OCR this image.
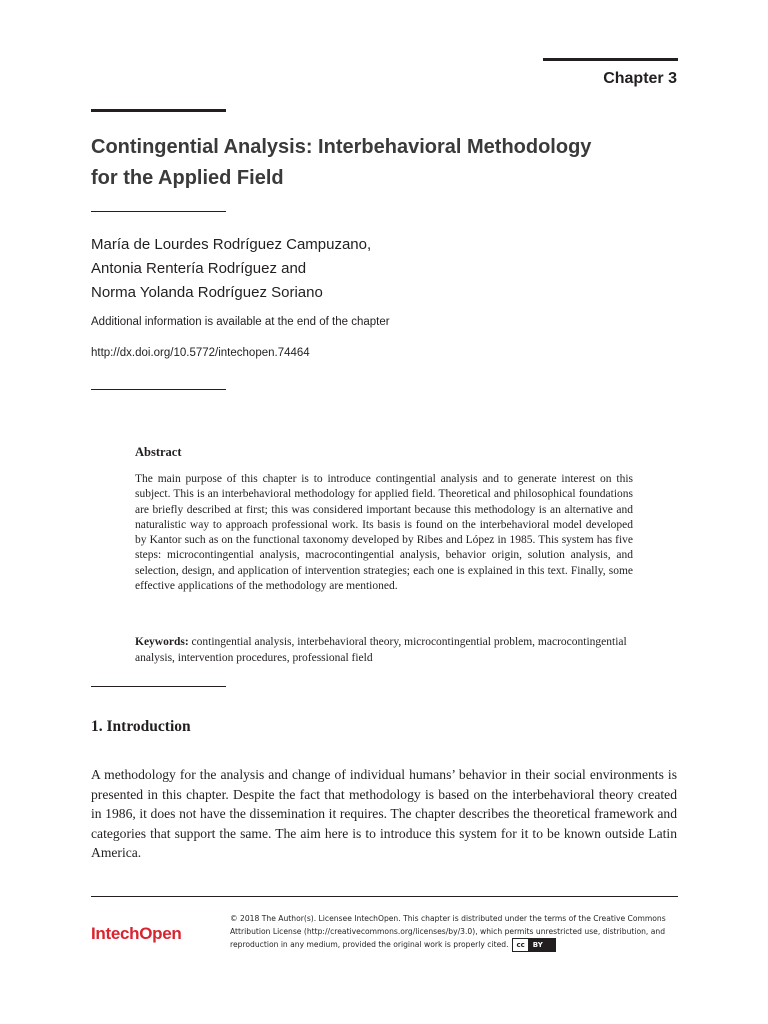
Chapter 3
Contingential Analysis: Interbehavioral Methodology
for the Applied Field
María de Lourdes Rodríguez Campuzano,
Antonia Rentería Rodríguez and
Norma Yolanda Rodríguez Soriano
Additional information is available at the end of the chapter
http://dx.doi.org/10.5772/intechopen.74464
Abstract
The main purpose of this chapter is to introduce contingential analysis and to generate interest on this subject. This is an interbehavioral methodology for applied field. Theoretical and philosophical foundations are briefly described at first; this was considered important because this methodology is an alternative and naturalistic way to approach professional work. Its basis is found on the interbehavioral model developed by Kantor such as on the functional taxonomy developed by Ribes and López in 1985. This system has five steps: microcontingential analysis, macrocontingential analysis, behavior origin, solution analysis, and selection, design, and application of intervention strategies; each one is explained in this text. Finally, some effective applications of the methodology are mentioned.
Keywords: contingential analysis, interbehavioral theory, microcontingential problem, macrocontingential analysis, intervention procedures, professional field
1. Introduction
A methodology for the analysis and change of individual humans’ behavior in their social environments is presented in this chapter. Despite the fact that methodology is based on the interbehavioral theory created in 1986, it does not have the dissemination it requires. The chapter describes the theoretical framework and categories that support the same. The aim here is to introduce this system for it to be known outside Latin America.
IntechOpen
© 2018 The Author(s). Licensee IntechOpen. This chapter is distributed under the terms of the Creative Commons Attribution License (http://creativecommons.org/licenses/by/3.0), which permits unrestricted use, distribution, and reproduction in any medium, provided the original work is properly cited. cc BY
